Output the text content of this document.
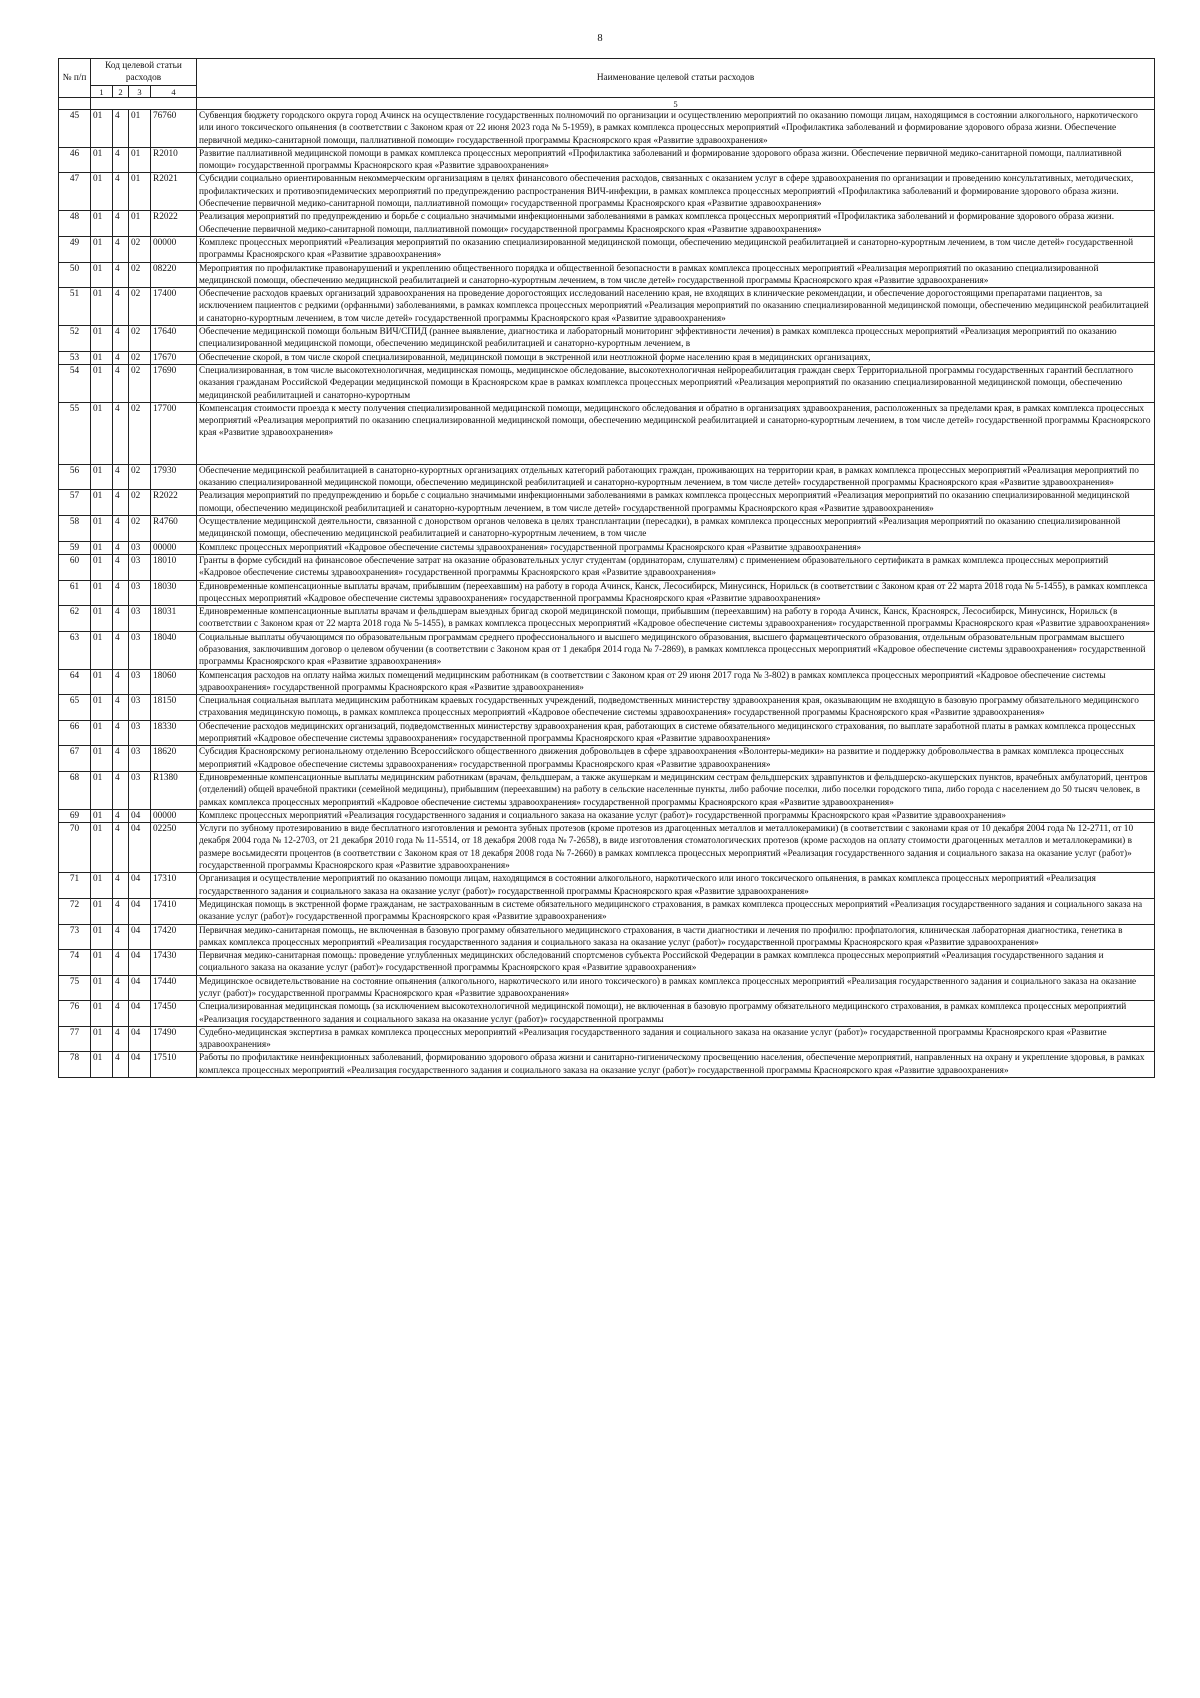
8
№ п/п	Код целевой статьи расходов				Наименование целевой статьи расходов
	1	2	3	4	
					5
45	01	4	01	76760	Субвенция бюджету городского округа город Ачинск на осуществление государственных полномочий по организации и осуществлению мероприятий по оказанию помощи лицам, находящимся в состоянии алкогольного, наркотического или иного токсического опьянения (в соответствии с Законом края от 22 июня 2023 года № 5-1959), в рамках комплекса процессных мероприятий «Профилактика заболеваний и формирование здорового образа жизни. Обеспечение первичной медико-санитарной помощи, паллиативной помощи» государственной программы Красноярского края «Развитие здравоохранения»
46	01	4	01	R2010	Развитие паллиативной медицинской помощи в рамках комплекса процессных мероприятий «Профилактика заболеваний и формирование здорового образа жизни. Обеспечение первичной медико-санитарной помощи, паллиативной помощи» государственной программы Красноярского края «Развитие здравоохранения»
47	01	4	01	R2021	Субсидии социально ориентированным некоммерческим организациям в целях финансового обеспечения расходов, связанных с оказанием услуг в сфере здравоохранения по организации и проведению консультативных, методических, профилактических и противоэпидемических мероприятий по предупреждению распространения ВИЧ-инфекции, в рамках комплекса процессных мероприятий «Профилактика заболеваний и формирование здорового образа жизни. Обеспечение первичной медико-санитарной помощи, паллиативной помощи» государственной программы Красноярского края «Развитие здравоохранения»
48	01	4	01	R2022	Реализация мероприятий по предупреждению и борьбе с социально значимыми инфекционными заболеваниями в рамках комплекса процессных мероприятий «Профилактика заболеваний и формирование здорового образа жизни. Обеспечение первичной медико-санитарной помощи, паллиативной помощи» государственной программы Красноярского края «Развитие здравоохранения»
49	01	4	02	00000	Комплекс процессных мероприятий «Реализация мероприятий по оказанию специализированной медицинской помощи, обеспечению медицинской реабилитацией и санаторно-курортным лечением, в том числе детей» государственной программы Красноярского края «Развитие здравоохранения»
50	01	4	02	08220	Мероприятия по профилактике правонарушений и укреплению общественного порядка и общественной безопасности в рамках комплекса процессных мероприятий «Реализация мероприятий по оказанию специализированной медицинской помощи, обеспечению медицинской реабилитацией и санаторно-курортным лечением, в том числе детей» государственной программы Красноярского края «Развитие здравоохранения»
51	01	4	02	17400	Обеспечение расходов краевых организаций здравоохранения на проведение дорогостоящих исследований населению края, не входящих в клинические рекомендации, и обеспечение дорогостоящими препаратами пациентов, за исключением пациентов с редкими (орфанными) заболеваниями, в рамках комплекса процессных мероприятий «Реализация мероприятий по оказанию специализированной медицинской помощи, обеспечению медицинской реабилитацией и санаторно-курортным лечением, в том числе детей» государственной программы Красноярского края «Развитие здравоохранения»
52	01	4	02	17640	Обеспечение медицинской помощи больным ВИЧ/СПИД (раннее выявление, диагностика и лабораторный мониторинг эффективности лечения) в рамках комплекса процессных мероприятий «Реализация мероприятий по оказанию специализированной медицинской помощи, обеспечению медицинской реабилитацией и санаторно-курортным лечением, в
53	01	4	02	17670	Обеспечение скорой, в том числе скорой специализированной, медицинской помощи в экстренной или неотложной форме населению края в медицинских организациях,
54	01	4	02	17690	Специализированная, в том числе высокотехнологичная, медицинская помощь, медицинское обследование, высокотехнологичная нейрореабилитация граждан сверх Территориальной программы государственных гарантий бесплатного оказания гражданам Российской Федерации медицинской помощи в Красноярском крае в рамках комплекса процессных мероприятий «Реализация мероприятий по оказанию специализированной медицинской помощи, обеспечению медицинской реабилитацией и санаторно-курортным
55	01	4	02	17700	Компенсация стоимости проезда к месту получения специализированной медицинской помощи, медицинского обследования и обратно в организациях здравоохранения, расположенных за пределами края, в рамках комплекса процессных мероприятий «Реализация мероприятий по оказанию специализированной медицинской помощи, обеспечению медицинской реабилитацией и санаторно-курортным лечением, в том числе детей» государственной программы Красноярского края «Развитие здравоохранения»
56	01	4	02	17930	Обеспечение медицинской реабилитацией в санаторно-курортных организациях отдельных категорий работающих граждан, проживающих на территории края, в рамках комплекса процессных мероприятий «Реализация мероприятий по оказанию специализированной медицинской помощи, обеспечению медицинской реабилитацией и санаторно-курортным лечением, в том числе детей» государственной программы Красноярского края «Развитие здравоохранения»
57	01	4	02	R2022	Реализация мероприятий по предупреждению и борьбе с социально значимыми инфекционными заболеваниями в рамках комплекса процессных мероприятий «Реализация мероприятий по оказанию специализированной медицинской помощи, обеспечению медицинской реабилитацией и санаторно-курортным лечением, в том числе детей» государственной программы Красноярского края «Развитие здравоохранения»
58	01	4	02	R4760	Осуществление медицинской деятельности, связанной с донорством органов человека в целях трансплантации (пересадки), в рамках комплекса процессных мероприятий «Реализация мероприятий по оказанию специализированной медицинской помощи, обеспечению медицинской реабилитацией и санаторно-курортным лечением, в том числе
59	01	4	03	00000	Комплекс процессных мероприятий «Кадровое обеспечение системы здравоохранения» государственной программы Красноярского края «Развитие здравоохранения»
60	01	4	03	18010	Гранты в форме субсидий на финансовое обеспечение затрат на оказание образовательных услуг студентам (ординаторам, слушателям) с применением образовательного сертификата в рамках комплекса процессных мероприятий «Кадровое обеспечение системы здравоохранения» государственной программы Красноярского края «Развитие здравоохранения»
61	01	4	03	18030	Единовременные компенсационные выплаты врачам, прибывшим (переехавшим) на работу в города Ачинск, Канск, Лесосибирск, Минусинск, Норильск (в соответствии с Законом края от 22 марта 2018 года № 5-1455), в рамках комплекса процессных мероприятий «Кадровое обеспечение системы здравоохранения» государственной программы Красноярского края «Развитие здравоохранения»
62	01	4	03	18031	Единовременные компенсационные выплаты врачам и фельдшерам выездных бригад скорой медицинской помощи, прибывшим (переехавшим) на работу в города Ачинск, Канск, Красноярск, Лесосибирск, Минусинск, Норильск (в соответствии с Законом края от 22 марта 2018 года № 5-1455), в рамках комплекса процессных мероприятий «Кадровое обеспечение системы здравоохранения» государственной программы Красноярского края «Развитие здравоохранения»
63	01	4	03	18040	Социальные выплаты обучающимся по образовательным программам среднего профессионального и высшего медицинского образования, высшего фармацевтического образования, отдельным образовательным программам высшего образования, заключившим договор о целевом обучении (в соответствии с Законом края от 1 декабря 2014 года № 7-2869), в рамках комплекса процессных мероприятий «Кадровое обеспечение системы здравоохранения» государственной программы Красноярского края «Развитие здравоохранения»
64	01	4	03	18060	Компенсация расходов на оплату найма жилых помещений медицинским работникам (в соответствии с Законом края от 29 июня 2017 года № 3-802) в рамках комплекса процессных мероприятий «Кадровое обеспечение системы здравоохранения» государственной программы Красноярского края «Развитие здравоохранения»
65	01	4	03	18150	Специальная социальная выплата медицинским работникам краевых государственных учреждений, подведомственных министерству здравоохранения края, оказывающим не входящую в базовую программу обязательного медицинского страхования медицинскую помощь, в рамках комплекса процессных мероприятий «Кадровое обеспечение системы здравоохранения» государственной программы Красноярского края «Развитие здравоохранения»
66	01	4	03	18330	Обеспечение расходов медицинских организаций, подведомственных министерству здравоохранения края, работающих в системе обязательного медицинского страхования, по выплате заработной платы в рамках комплекса процессных мероприятий «Кадровое обеспечение системы здравоохранения» государственной программы Красноярского края «Развитие здравоохранения»
67	01	4	03	18620	Субсидия Красноярскому региональному отделению Всероссийского общественного движения добровольцев в сфере здравоохранения «Волонтеры-медики» на развитие и поддержку добровольчества в рамках комплекса процессных мероприятий «Кадровое обеспечение системы здравоохранения» государственной программы Красноярского края «Развитие здравоохранения»
68	01	4	03	R1380	Единовременные компенсационные выплаты медицинским работникам (врачам, фельдшерам, а также акушеркам и медицинским сестрам фельдшерских здравпунктов и фельдшерско-акушерских пунктов, врачебных амбулаторий, центров (отделений) общей врачебной практики (семейной медицины), прибывшим (переехавшим) на работу в сельские населенные пункты, либо рабочие поселки, либо поселки городского типа, либо города с населением до 50 тысяч человек, в рамках комплекса процессных мероприятий «Кадровое обеспечение системы здравоохранения» государственной программы Красноярского края «Развитие здравоохранения»
69	01	4	04	00000	Комплекс процессных мероприятий «Реализация государственного задания и социального заказа на оказание услуг (работ)» государственной программы Красноярского края «Развитие здравоохранения»
70	01	4	04	02250	Услуги по зубному протезированию в виде бесплатного изготовления и ремонта зубных протезов (кроме протезов из драгоценных металлов и металлокерамики) (в соответствии с законами края от 10 декабря 2004 года № 12-2711, от 10 декабря 2004 года № 12-2703, от 21 декабря 2010 года № 11-5514, от 18 декабря 2008 года № 7-2658), в виде изготовления стоматологических протезов (кроме расходов на оплату стоимости драгоценных металлов и металлокерамики) в размере восьмидесяти процентов (в соответствии с Законом края от 18 декабря 2008 года № 7-2660) в рамках комплекса процессных мероприятий «Реализация государственного задания и социального заказа на оказание услуг (работ)» государственной программы Красноярского края «Развитие здравоохранения»
71	01	4	04	17310	Организация и осуществление мероприятий по оказанию помощи лицам, находящимся в состоянии алкогольного, наркотического или иного токсического опьянения, в рамках комплекса процессных мероприятий «Реализация государственного задания и социального заказа на оказание услуг (работ)» государственной программы Красноярского края «Развитие здравоохранения»
72	01	4	04	17410	Медицинская помощь в экстренной форме гражданам, не застрахованным в системе обязательного медицинского страхования, в рамках комплекса процессных мероприятий «Реализация государственного задания и социального заказа на оказание услуг (работ)» государственной программы Красноярского края «Развитие здравоохранения»
73	01	4	04	17420	Первичная медико-санитарная помощь, не включенная в базовую программу обязательного медицинского страхования, в части диагностики и лечения по профилю: профпатология, клиническая лабораторная диагностика, генетика в рамках комплекса процессных мероприятий «Реализация государственного задания и социального заказа на оказание услуг (работ)» государственной программы Красноярского края «Развитие здравоохранения»
74	01	4	04	17430	Первичная медико-санитарная помощь: проведение углубленных медицинских обследований спортсменов субъекта Российской Федерации в рамках комплекса процессных мероприятий «Реализация государственного задания и социального заказа на оказание услуг (работ)» государственной программы Красноярского края «Развитие здравоохранения»
75	01	4	04	17440	Медицинское освидетельствование на состояние опьянения (алкогольного, наркотического или иного токсического) в рамках комплекса процессных мероприятий «Реализация государственного задания и социального заказа на оказание услуг (работ)» государственной программы Красноярского края «Развитие здравоохранения»
76	01	4	04	17450	Специализированная медицинская помощь (за исключением высокотехнологичной медицинской помощи), не включенная в базовую программу обязательного медицинского страхования, в рамках комплекса процессных мероприятий «Реализация государственного задания и социального заказа на оказание услуг (работ)» государственной программы
77	01	4	04	17490	Судебно-медицинская экспертиза в рамках комплекса процессных мероприятий «Реализация государственного задания и социального заказа на оказание услуг (работ)» государственной программы Красноярского края «Развитие здравоохранения»
78	01	4	04	17510	Работы по профилактике неинфекционных заболеваний, формированию здорового образа жизни и санитарно-гигиеническому просвещению населения, обеспечение мероприятий, направленных на охрану и укрепление здоровья, в рамках комплекса процессных мероприятий «Реализация государственного задания и социального заказа на оказание услуг (работ)» государственной программы Красноярского края «Развитие здравоохранения»
